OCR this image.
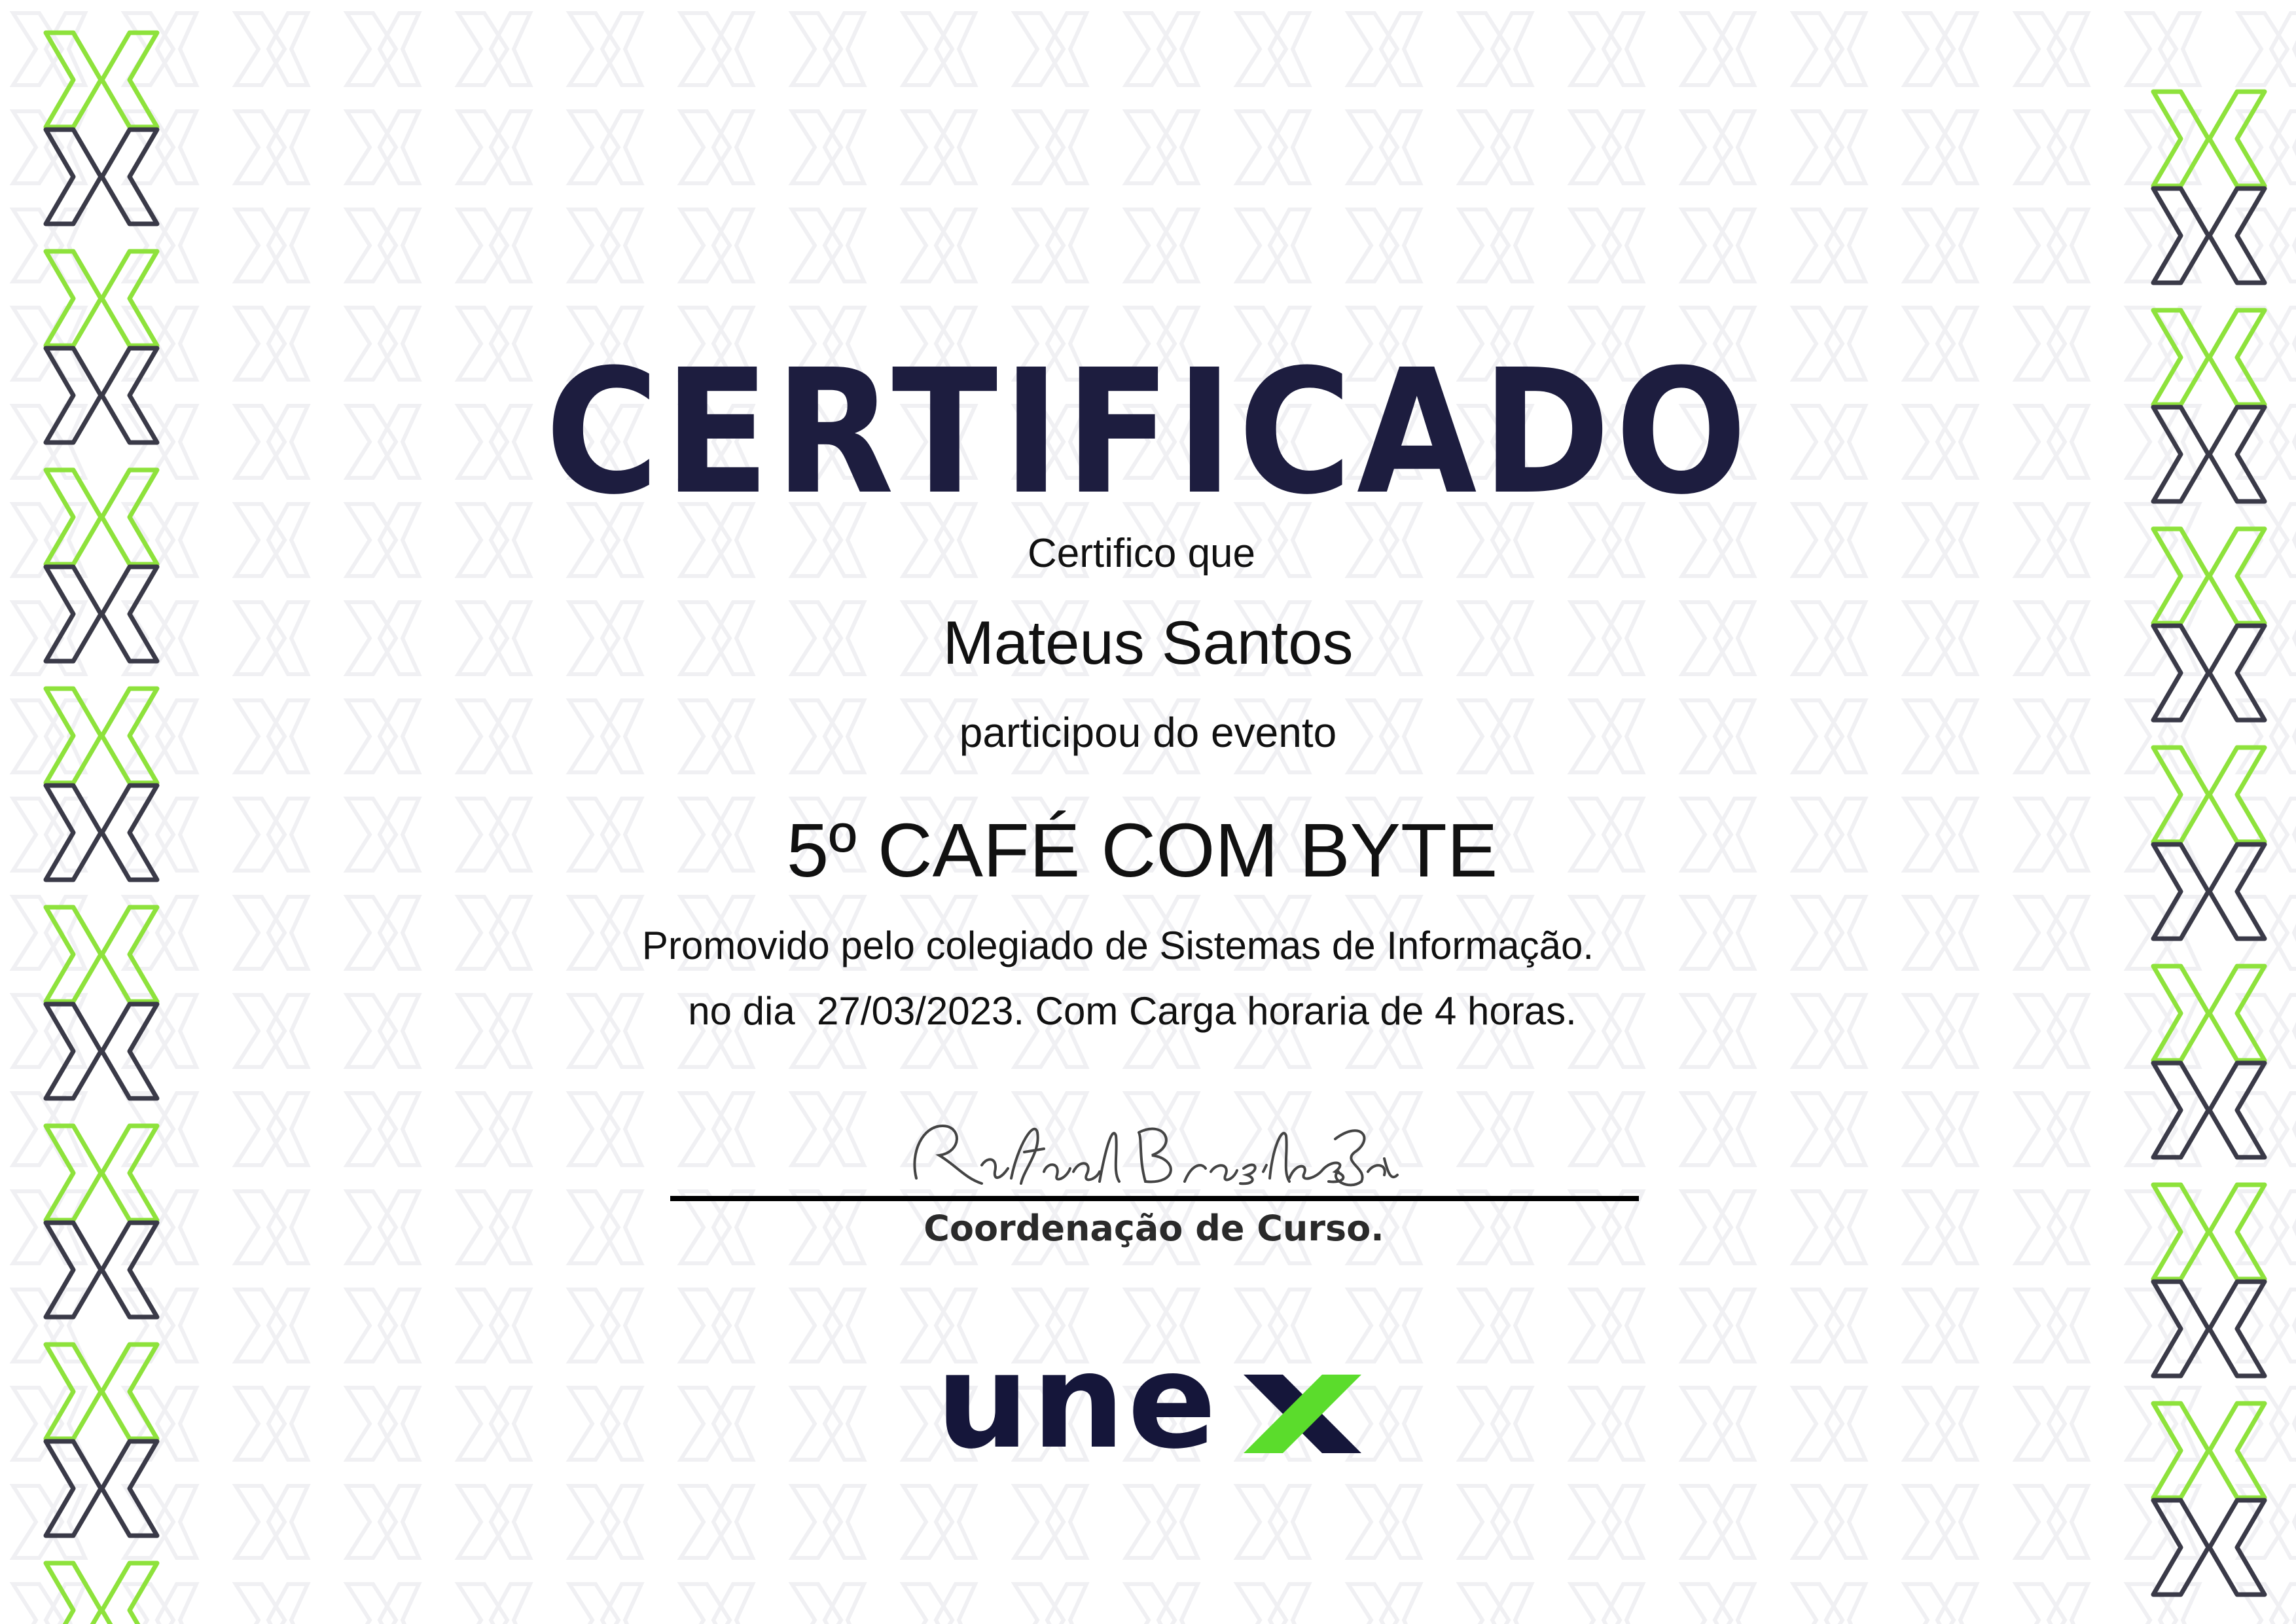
CERTIFICADO
Certifico que
Mateus Santos
participou do evento
5º CAFÉ COM BYTE
Promovido pelo colegiado de Sistemas de Informação.
no dia  27/03/2023. Com Carga horaria de 4 horas.
Coordenação de Curso.
une
